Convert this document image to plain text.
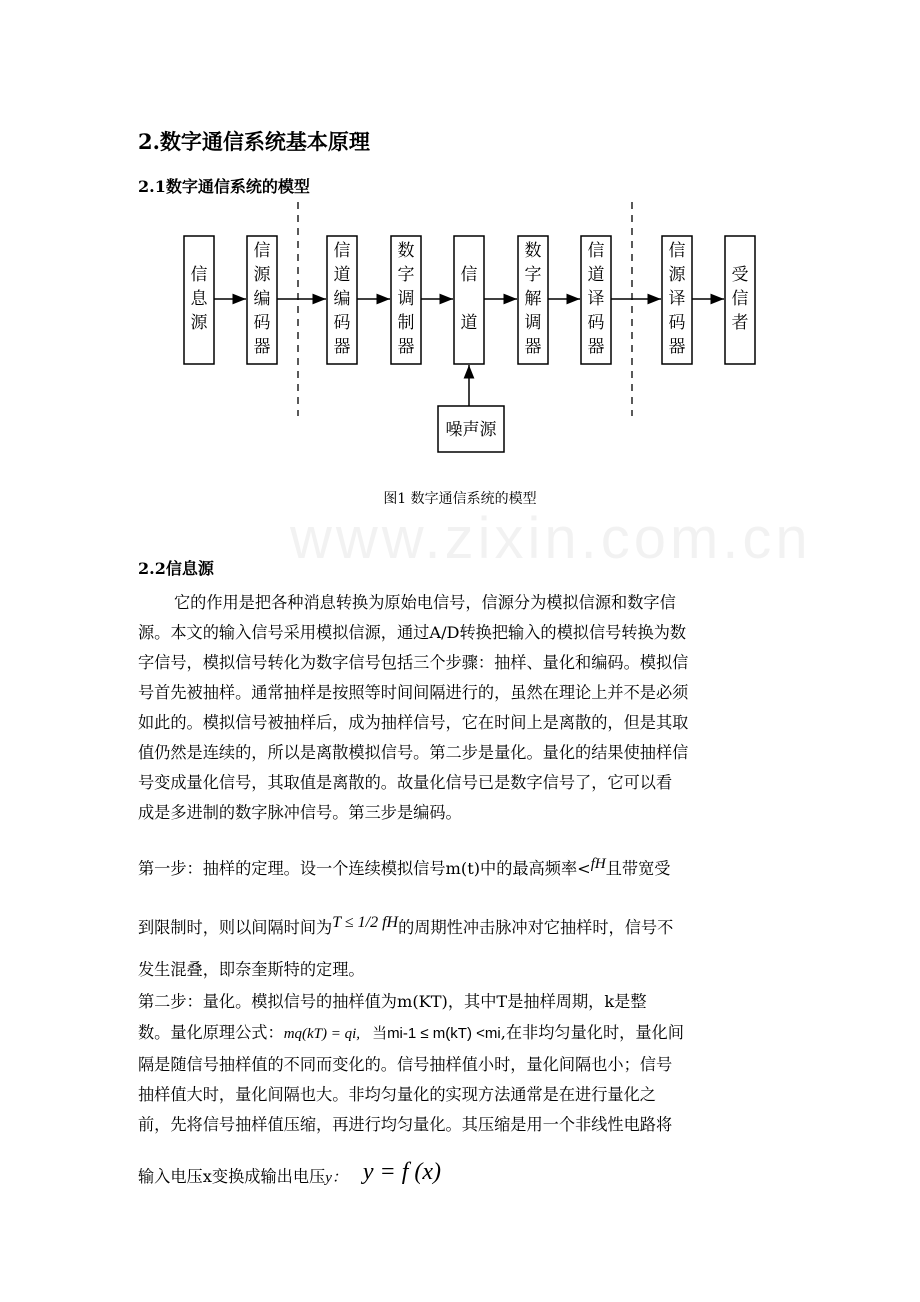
www.zixin.com.cn
2.数字通信系统基本原理
2.1数字通信系统的模型
信息源
信源编码器
信道编码器
数字调制器
信道
数字解调器
信道译码器
信源译码器
受信者
噪声源
图1 数字通信系统的模型
2.2信息源
它的作用是把各种消息转换为原始电信号，信源分为模拟信源和数字信
源。本文的输入信号采用模拟信源，通过A/D转换把输入的模拟信号转换为数
字信号，模拟信号转化为数字信号包括三个步骤：抽样、量化和编码。模拟信
号首先被抽样。通常抽样是按照等时间间隔进行的，虽然在理论上并不是必须
如此的。模拟信号被抽样后，成为抽样信号，它在时间上是离散的，但是其取
值仍然是连续的，所以是离散模拟信号。第二步是量化。量化的结果使抽样信
号变成量化信号，其取值是离散的。故量化信号已是数字信号了，它可以看
成是多进制的数字脉冲信号。第三步是编码。
第一步：抽样的定理。设一个连续模拟信号m(t)中的最高频率<fH且带宽受
到限制时，则以间隔时间为T ≤ 1/2 fH的周期性冲击脉冲对它抽样时，信号不
发生混叠，即奈奎斯特的定理。
第二步：量化。模拟信号的抽样值为m(KT)，其中T是抽样周期，k是整
数。量化原理公式：mq(kT) = qi, 当mi-1 ≤ m(kT) <mi,在非均匀量化时，量化间
隔是随信号抽样值的不同而变化的。信号抽样值小时，量化间隔也小；信号
抽样值大时，量化间隔也大。非均匀量化的实现方法通常是在进行量化之
前，先将信号抽样值压缩，再进行均匀量化。其压缩是用一个非线性电路将
输入电压x变换成输出电压y： y = f (x)
